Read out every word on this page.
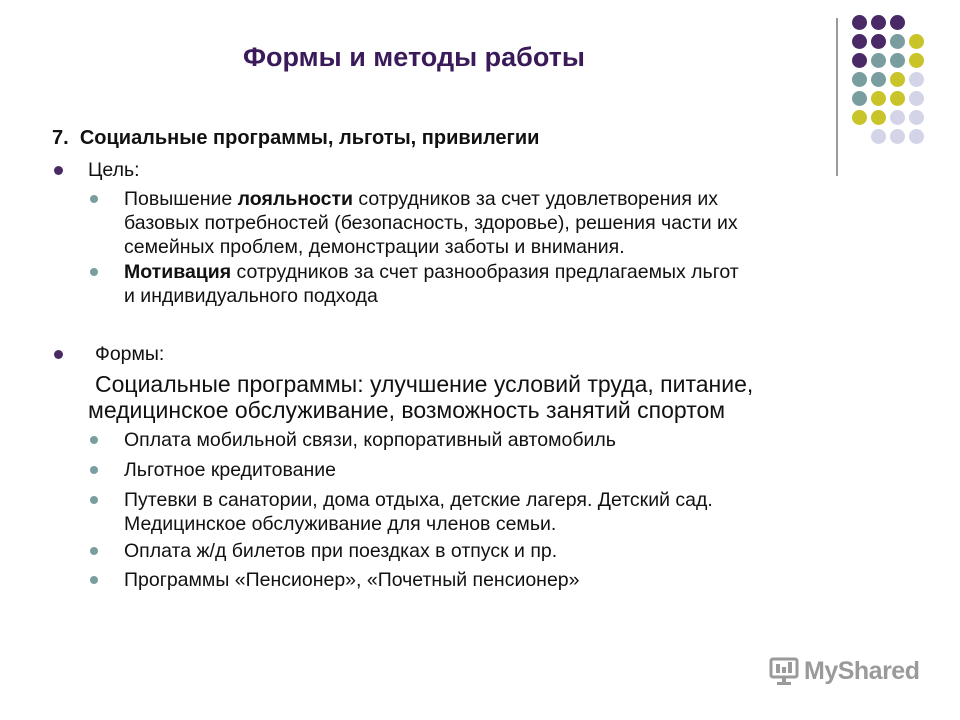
Формы и методы работы
7. Социальные программы, льготы, привилегии
Цель:
Повышение лояльности сотрудников за счет удовлетворения их
базовых потребностей (безопасность, здоровье), решения части их
семейных проблем, демонстрации заботы и внимания.
Мотивация сотрудников за счет разнообразия предлагаемых льгот
и индивидуального подхода
Формы:
Социальные программы: улучшение условий труда, питание,
медицинское обслуживание, возможность занятий спортом
Оплата мобильной связи, корпоративный автомобиль
Льготное кредитование
Путевки в санатории, дома отдыха, детские лагеря. Детский сад.
Медицинское обслуживание для членов семьи.
Оплата ж/д билетов при поездках в отпуск и пр.
Программы «Пенсионер», «Почетный пенсионер»
MyShared
